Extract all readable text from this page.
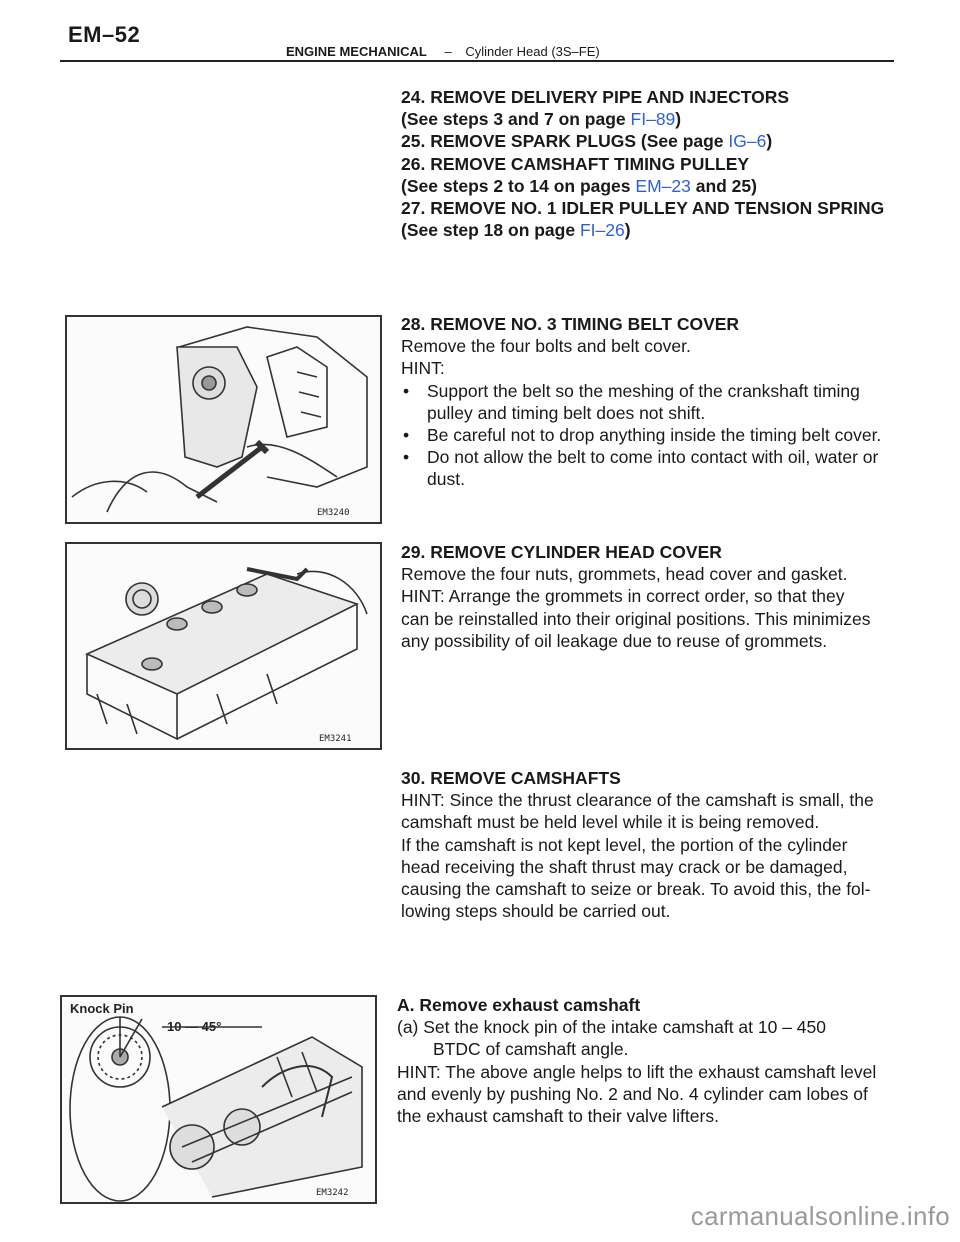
EM–52
ENGINE MECHANICAL – Cylinder Head (3S–FE)
24. REMOVE DELIVERY PIPE AND INJECTORS
(See steps 3 and 7 on page FI–89)
25. REMOVE SPARK PLUGS (See page IG–6)
26. REMOVE CAMSHAFT TIMING PULLEY
(See steps 2 to 14 on pages EM–23 and 25)
27. REMOVE NO. 1 IDLER PULLEY AND TENSION SPRING
(See step 18 on page FI–26)
EM3240
28. REMOVE NO. 3 TIMING BELT COVER
Remove the four bolts and belt cover.
HINT:
•	Support the belt so the meshing of the crankshaft timing
pulley and timing belt does not shift.
•	Be careful not to drop anything inside the timing belt cover.
•	Do not allow the belt to come into contact with oil, water or
dust.
EM3241
29. REMOVE CYLINDER HEAD COVER
Remove the four nuts, grommets, head cover and gasket.
HINT: Arrange the grommets in correct order, so that they
can be reinstalled into their original positions. This minimizes
any possibility of oil leakage due to reuse of grommets.
30. REMOVE CAMSHAFTS
HINT: Since the thrust clearance of the camshaft is small, the
camshaft must be held level while it is being removed.
If the camshaft is not kept level, the portion of the cylinder
head receiving the shaft thrust may crack or be damaged,
causing the camshaft to seize or break. To avoid this, the fol-
lowing steps should be carried out.
Knock Pin
10 — 45°
EM3242
A. Remove exhaust camshaft
(a) Set the knock pin of the intake camshaft at 10 – 450
BTDC of camshaft angle.
HINT: The above angle helps to lift the exhaust camshaft level
and evenly by pushing No. 2 and No. 4 cylinder cam lobes of
the exhaust camshaft to their valve lifters.
carmanualsonline.info
